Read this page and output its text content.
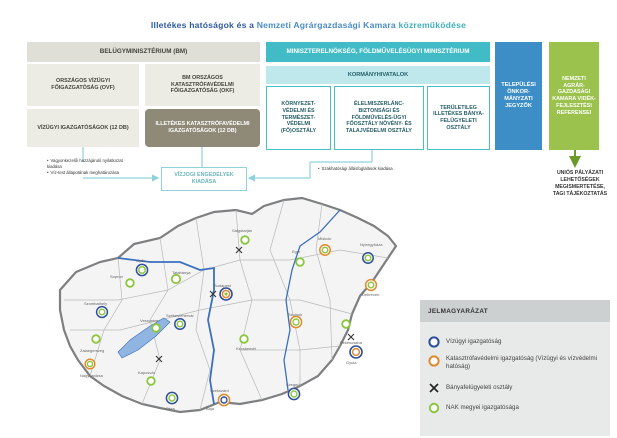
Illetékes hatóságok és a Nemzeti Agrárgazdasági Kamara közreműködése
BELÜGYMINISZTÉRIUM (BM)
ORSZÁGOS VÍZÜGYI FŐIGAZGATÓSÁG (OVF)
BM ORSZÁGOS KATASZTRÓFAVÉDELMI FŐIGAZGATÓSÁG (OKF)
VÍZÜGYI IGAZGATÓSÁGOK (12 DB)
ILLETÉKES KATASZTRÓFAVÉDELMI IGAZGATÓSÁGOK (12 DB)
MINISZTERELNÖKSÉG, FÖLDMŰVELÉSÜGYI MINISZTÉRIUM
KORMÁNYHIVATALOK
KÖRNYEZET-VÉDELMI ÉS TERMÉSZET-VÉDELMI (FŐ)OSZTÁLY
ÉLELMISZERLÁNC-BIZTONSÁGI ÉS FÖLDMŰVELÉS-ÜGYI FŐOSZTÁLY NÖVÉNY- ÉS TALAJVÉDELMI OSZTÁLY
TERÜLETILEG ILLETÉKES BÁNYA-FELÜGYELETI OSZTÁLY
TELEPÜLÉSI ÖNKOR-MÁNYZATI JEGYZŐK
NEMZETI AGRÁR-GAZDASÁGI KAMARA VIDÉK-FEJLESZTÉSI REFERENSEI
VÍZJOGI ENGEDÉLYEK KIADÁSA
• Vagyonkezelői hozzájáruló nyilatkozat kiadása
• Víz-test állapotának meghatározása
• Szakhatósági állásfoglalások kiadása
UNIÓS PÁLYÁZATI LEHETŐSÉGEK MEGISMERTETÉSE, TAGI TÁJÉKOZTATÁS
Győr
Sopron
Tatabánya
Budapest
Szombathely
Székesfehérvár
Veszprém
Zalaegerszeg
Kaposvár
Szekszárd
Pécs
Kecskemét
Szolnok
Szeged
Békéscsaba
Debrecen
Nyíregyháza
Miskolc
Eger
Salgótarján
Nagykanizsa
Gyula
Baja
JELMAGYARÁZAT
Vízügyi igazgatóság
Katasztrófavédelmi igazgatóság (Vízügyi és vízvédelmi hatóság)
Bányafelügyeleti osztály
NAK megyei igazgatósága
